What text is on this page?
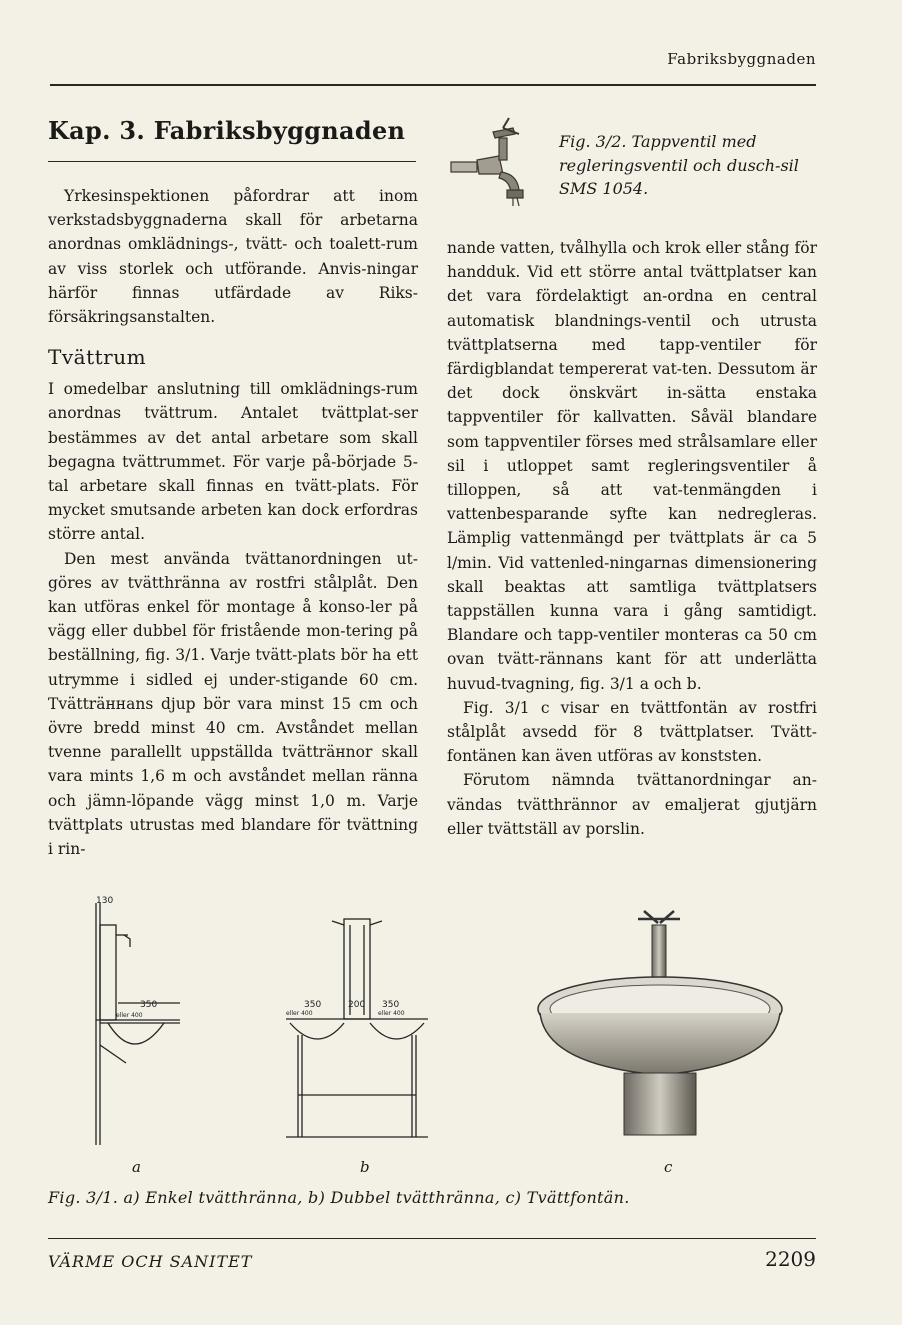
Fabriksbyggnaden
Kap. 3. Fabriksbyggnaden

Yrkesinspektionen påfordrar att inom verkstadsbyggnaderna skall för arbetarna anordnas omklädnings-, tvätt- och toalett-rum av viss storlek och utförande. Anvis-ningar härför finnas utfärdade av Riks-försäkringsanstalten.

Tvättrum

I omedelbar anslutning till omklädnings-rum anordnas tvättrum. Antalet tvättplat-ser bestämmes av det antal arbetare som skall begagna tvättrummet. För varje på-började 5-tal arbetare skall finnas en tvätt-plats. För mycket smutsande arbeten kan dock erfordras större antal.

Den mest använda tvättanordningen ut-göres av tvätthränna av rostfri stålplåt. Den kan utföras enkel för montage å konso-ler på vägg eller dubbel för fristående mon-tering på beställning, fig. 3/1. Varje tvätt-plats bör ha ett utrymme i sidled ej under-stigande 60 cm. Tvätträннans djup bör vara minst 15 cm och övre bredd minst 40 cm. Avståndet mellan tvenne parallellt uppställda tvätträнnor skall vara mints 1,6 m och avståndet mellan ränna och jämn-löpande vägg minst 1,0 m. Varje tvättplats utrustas med blandare för tvättning i rin-

Fig. 3/2. Tappventil med regleringsventil och dusch-sil SMS 1054.

nande vatten, tvålhylla och krok eller stång för handduk. Vid ett större antal tvättplatser kan det vara fördelaktigt an-ordna en central automatisk blandnings-ventil och utrusta tvättplatserna med tapp-ventiler för färdigblandat tempererat vat-ten. Dessutom är det dock önskvärt in-sätta enstaka tappventiler för kallvatten. Såväl blandare som tappventiler förses med strålsamlare eller sil i utloppet samt regleringsventiler å tilloppen, så att vat-tenmängden i vattenbesparande syfte kan nedregleras. Lämplig vattenmängd per tvättplats är ca 5 l/min. Vid vattenled-ningarnas dimensionering skall beaktas att samtliga tvättplatsers tappställen kunna vara i gång samtidigt. Blandare och tapp-ventiler monteras ca 50 cm ovan tvätt-rännans kant för att underlätta huvud-tvagning, fig. 3/1 a och b.

Fig. 3/1 c visar en tvättfontän av rostfri stålplåt avsedd för 8 tvättplatser. Tvätt-fontänen kan även utföras av konststen.

Förutom nämnda tvättanordningar an-vändas tvätthrännor av emaljerat gjutjärn eller tvättställ av porslin.

130
350
eller 400
200
350
eller 400
350
eller 400
a	b	c
Fig. 3/1. a) Enkel tvätthränna, b) Dubbel tvätthränna, c) Tvättfontän.
VÄRME OCH SANITET	2209
